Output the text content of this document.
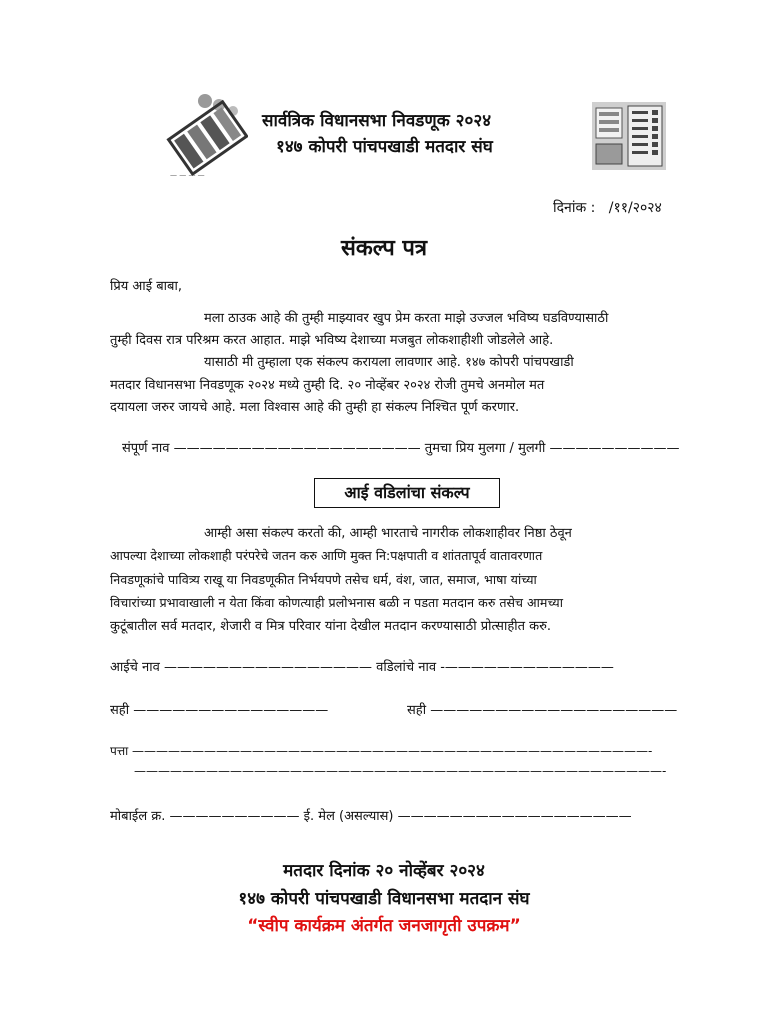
— — — —
सार्वत्रिक विधानसभा निवडणूक २०२४
१४७ कोपरी पांचपखाडी मतदार संघ
दिनांक :   /११/२०२४
संकल्प पत्र
प्रिय आई बाबा,
मला ठाउक आहे की तुम्ही माझ्यावर खुप प्रेम करता माझे उज्जल भविष्य घडविण्यासाठी
तुम्ही दिवस रात्र परिश्रम करत आहात. माझे भविष्य देशाच्या मजबुत लोकशाहीशी जोडलेले आहे.
यासाठी मी तुम्हाला एक संकल्प करायला लावणार आहे. १४७ कोपरी पांचपखाडी
मतदार विधानसभा निवडणूक २०२४ मध्ये तुम्ही दि. २० नोव्हेंबर २०२४ रोजी तुमचे अनमोल मत
दयायला जरुर जायचे आहे. मला विश्वास आहे की तुम्ही हा संकल्प निश्चित पूर्ण करणार.
संपूर्ण नाव ——————————————————— तुमचा प्रिय मुलगा / मुलगी ——————————
आई वडिलांचा संकल्प
आम्ही असा संकल्प करतो की, आम्ही भारताचे नागरीक लोकशाहीवर निष्ठा ठेवून
आपल्या देशाच्या लोकशाही परंपरेचे जतन करु आणि मुक्त नि:पक्षपाती व शांततापूर्व वातावरणात
निवडणूकांचे पावित्र्य राखू या निवडणूकीत निर्भयपणे तसेच धर्म, वंश, जात, समाज, भाषा यांच्या
विचारांच्या प्रभावाखाली न येता किंवा कोणत्याही प्रलोभनास बळी न पडता मतदान करु तसेच आमच्या
कुटूंबातील सर्व मतदार, शेजारी व मित्र परिवार यांना देखील मतदान करण्यासाठी प्रोत्साहीत करु.
आईचे नाव ———————————————— वडिलांचे नाव -—————————————
सही ———————————————	सही ———————————————————
पत्ता ———————————————————————————————————————————-
————————————————————————————————————————————-
मोबाईल क्र. —————————— ई. मेल (असल्यास) ——————————————————
मतदार दिनांक २० नोव्हेंबर २०२४
१४७ कोपरी पांचपखाडी विधानसभा मतदान संघ
“स्वीप कार्यक्रम अंतर्गत जनजागृती उपक्रम”
